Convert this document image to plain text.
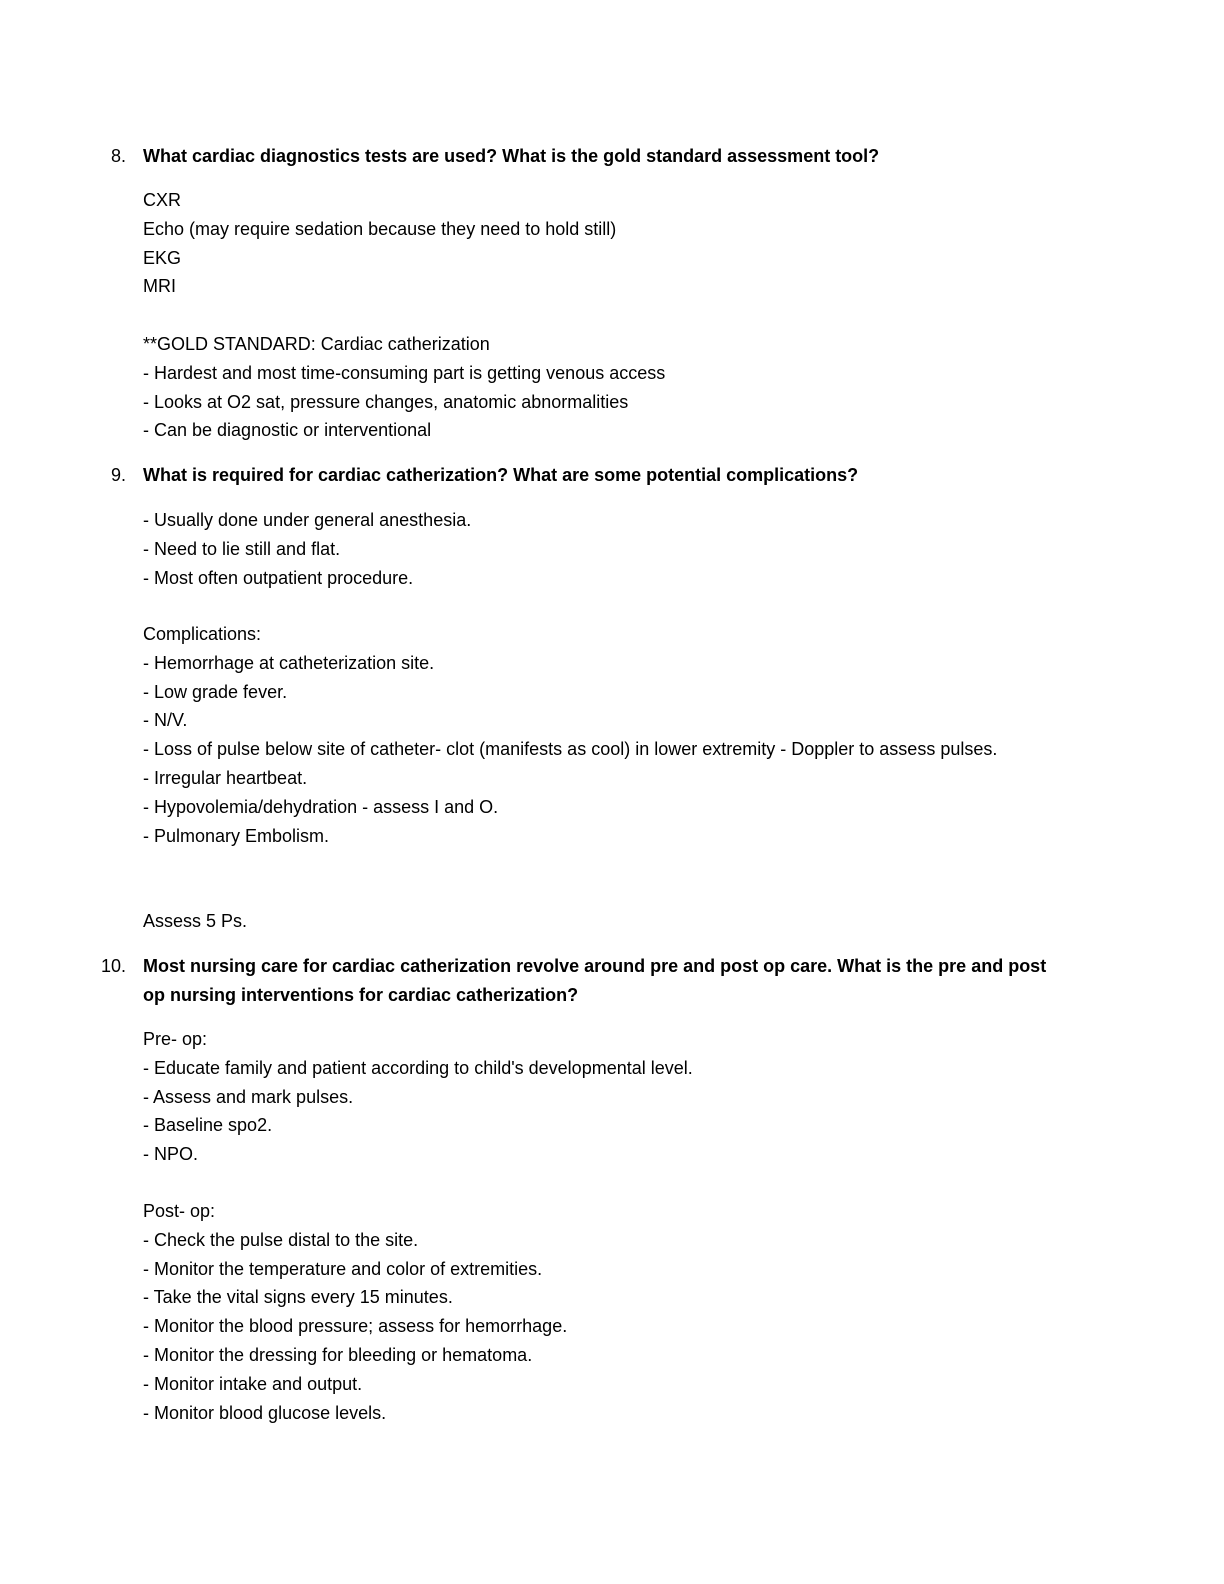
8. What cardiac diagnostics tests are used? What is the gold standard assessment tool?
CXR
Echo (may require sedation because they need to hold still)
EKG
MRI
**GOLD STANDARD: Cardiac catherization
- Hardest and most time-consuming part is getting venous access
- Looks at O2 sat, pressure changes, anatomic abnormalities
- Can be diagnostic or interventional
9. What is required for cardiac catherization? What are some potential complications?
- Usually done under general anesthesia.
- Need to lie still and flat.
- Most often outpatient procedure.
Complications:
- Hemorrhage at catheterization site.
- Low grade fever.
- N/V.
- Loss of pulse below site of catheter- clot (manifests as cool) in lower extremity - Doppler to assess pulses.
- Irregular heartbeat.
- Hypovolemia/dehydration - assess I and O.
- Pulmonary Embolism.
Assess 5 Ps.
10. Most nursing care for cardiac catherization revolve around pre and post op care. What is the pre and post op nursing interventions for cardiac catherization?
Pre- op:
- Educate family and patient according to child's developmental level.
- Assess and mark pulses.
- Baseline spo2.
- NPO.
Post- op:
- Check the pulse distal to the site.
- Monitor the temperature and color of extremities.
- Take the vital signs every 15 minutes.
- Monitor the blood pressure; assess for hemorrhage.
- Monitor the dressing for bleeding or hematoma.
- Monitor intake and output.
- Monitor blood glucose levels.
